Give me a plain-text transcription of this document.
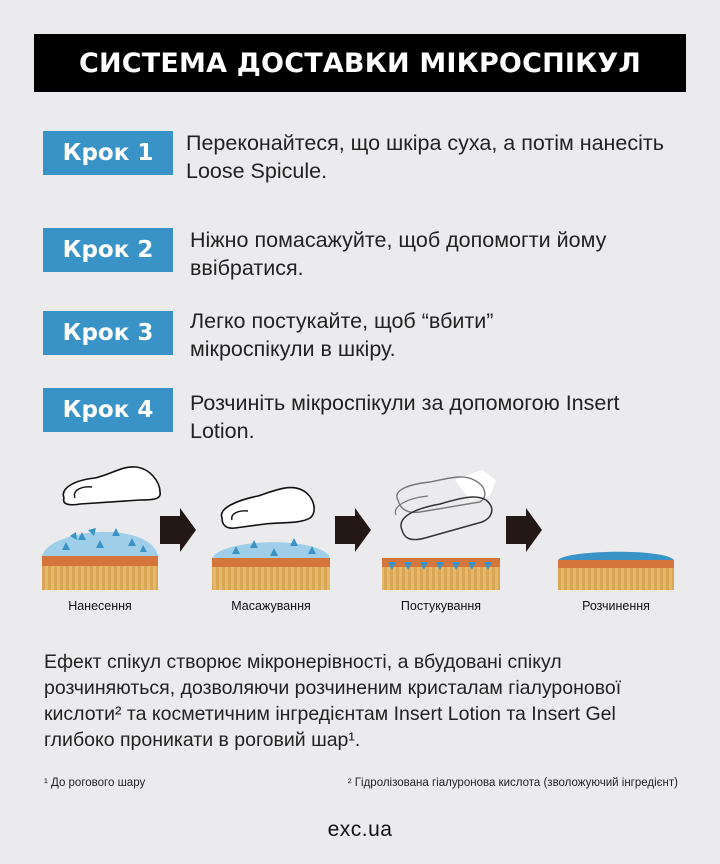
СИСТЕМА ДОСТАВКИ МІКРОСПІКУЛ
Крок 1	Переконайтеся, що шкіра суха, а потім нанесіть Loose Spicule.
Крок 2	Ніжно помасажуйте, щоб допомогти йому ввібратися.
Крок 3	Легко постукайте, щоб “вбити” мікроспікули в шкіру.
Крок 4	Розчиніть мікроспікули за допомогою Insert Lotion.
Нанесення	Масажування	Постукування	Розчинення
Ефект спікул створює мікронерівності, а вбудовані спікул розчиняються, дозволяючи розчиненим кристалам гіалуронової кислоти² та косметичним інгредієнтам Insert Lotion та Insert Gel глибоко проникати в роговий шар¹.
¹ До рогового шару	² Гідролізована гіалуронова кислота (зволожуючий інгредієнт)
exc.ua
